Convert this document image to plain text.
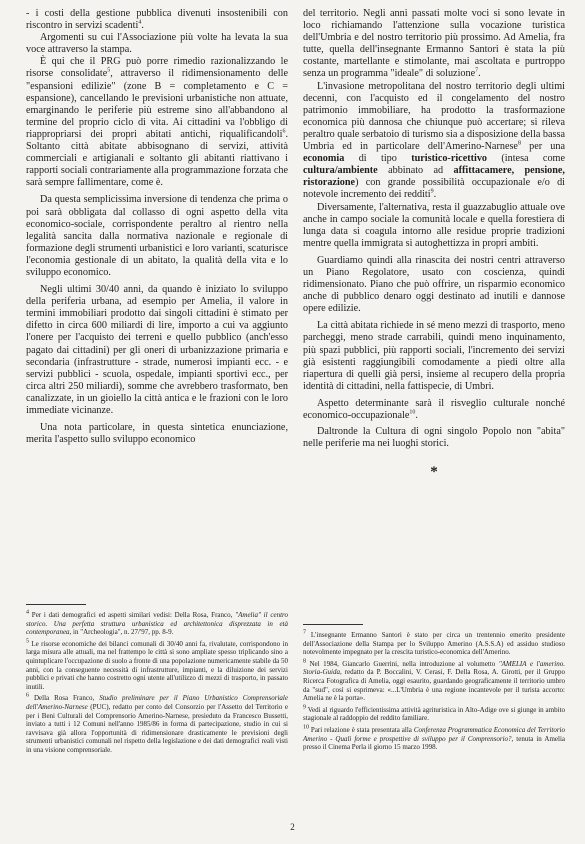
- i costi della gestione pubblica divenuti insostenibili con riscontro in servizi scadenti$^4$.

Argomenti su cui l'Associazione più volte ha levata la sua voce attraverso la stampa.

È qui che il PRG può porre rimedio razionalizzando le risorse consolidate$^5$, attraverso il ridimensionamento delle "espansioni edilizie" (zone B = completamento e C = espansione), cancellando le previsioni urbanistiche non attuate, emarginando le periferie più estreme sino all'abbandono al termine del proprio ciclo di vita. Ai cittadini va l'obbligo di riappropriarsi dei propri abitati antichi, riqualificandoli$^6$. Soltanto città abitate abbisognano di servizi, attività commerciali e artigianali e soltanto gli abitanti riattivano i rapporti sociali contrariamente alla programmazione forzata che sarà sempre fallimentare, come è.

Da questa semplicissima inversione di tendenza che prima o poi sarà obbligata dal collasso di ogni aspetto della vita economico-sociale, corrispondente peraltro al rientro nella legalità sancita dalla normativa nazionale e regionale di formazione degli strumenti urbanistici e loro varianti, scaturisce l'economia gestionale di un abitato, la qualità della vita e lo sviluppo economico.

Negli ultimi 30/40 anni, da quando è iniziato lo sviluppo della periferia urbana, ad esempio per Amelia, il valore in termini immobiliari prodotto dai singoli cittadini è stimato per difetto in circa 600 miliardi di lire, importo a cui va aggiunto l'onere per l'acquisto dei terreni e quello pubblico (anch'esso pagato dai cittadini) per gli oneri di urbanizzazione primaria e secondaria (infrastrutture - strade, numerosi impianti ecc. - e servizi pubblici - scuola, ospedale, impianti sportivi ecc., per circa altri 250 miliardi), somme che avrebbero trasformato, ben canalizzate, in un gioiello la città antica e le frazioni con le loro immediate vicinanze.

Una nota particolare, in questa sintetica enunciazione, merita l'aspetto sullo sviluppo economico

del territorio. Negli anni passati molte voci si sono levate in loco richiamando l'attenzione sulla vocazione turistica dell'Umbria e del nostro territorio più prossimo. Ad Amelia, fra tutte, quella dell'insegnante Ermanno Santori è stata la più costante, martellante e stimolante, mai ascoltata e purtroppo senza un programma "ideale" di soluzione$^7$.

L'invasione metropolitana del nostro territorio degli ultimi decenni, con l'acquisto ed il congelamento del nostro patrimonio immobiliare, ha prodotto la trasformazione economica più dannosa che chiunque può accertare; si rileva peraltro quale serbatoio di turismo sia a disposizione della bassa Umbria ed in particolare dell'Amerino-Narnese$^8$ per una economia di tipo turistico-ricettivo (intesa come cultura/ambiente abbinato ad affittacamere, pensione, ristorazione) con grande possibilità occupazionale e/o di notevole incremento dei redditi$^9$.

Diversamente, l'alternativa, resta il guazzabuglio attuale ove anche in campo sociale la comunità locale e quella forestiera di lunga data si coagula intorno alle residue proprie tradizioni mentre quella immigrata si autoghettizza in propri ambiti.

Guardiamo quindi alla rinascita dei nostri centri attraverso un Piano Regolatore, usato con coscienza, quindi ridimensionato. Piano che può offrire, un risparmio economico anche di pubblico denaro oggi destinato ad inutili e dannose opere edilizie.

La città abitata richiede in sé meno mezzi di trasporto, meno parcheggi, meno strade carrabili, quindi meno inquinamento, più spazi pubblici, più rapporti sociali, l'incremento dei servizi già esistenti raggiungibili comodamente a piedi oltre alla riapertura di quelli già persi, insieme al recupero della propria identità di cittadini, nella fattispecie, di Umbri.

Aspetto determinante sarà il risveglio culturale nonché economico-occupazionale$^{10}$.

Daltronde la Cultura di ogni singolo Popolo non "abita" nelle periferie ma nei luoghi storici.

*

4 Per i dati demografici ed aspetti similari vedisi: Della Rosa, Franco, "Amelia" il centro storico. Una perfetta struttura urbanistica ed architettonica disprezzata in età contemporanea, in "Archeologia", n. 27/'97, pp. 8-9.

5 Le risorse economiche dei bilanci comunali di 30/40 anni fa, rivalutate, corrispondono in larga misura alle attuali, ma nel frattempo le città si sono ampliate spesso triplicando sino a quintuplicare l'occupazione di suolo a fronte di una popolazione numericamente stabile da 50 anni, con la conseguente necessità di infrastrutture, impianti, e la diluizione dei servizi pubblici e privati che hanno costretto ogni utente all'utilizzo di mezzi di trasporto, in passato inutili.

6 Della Rosa Franco, Studio preliminare per il Piano Urbanistico Comprensoriale dell'Amerino-Narnese (PUC), redatto per conto del Consorzio per l'Assetto del Territorio e per i Beni Culturali del Comprensorio Amerino-Narnese, presieduto da Francesco Bussetti, inviato a tutti i 12 Comuni nell'anno 1985/86 in forma di partecipazione, studio in cui si ravvisava già allora l'opportunità di ridimensionare drasticamente le previsioni degli strumenti urbanistici comunali nel rispetto della legislazione e dei dati demografici reali visti in una visione comprensoriale.

7 L'insegnante Ermanno Santori è stato per circa un trentennio emerito presidente dell'Associazione della Stampa per lo Sviluppo Amerino (A.S.S.A) ed assiduo studioso notevolmente impegnato per la crescita turistico-economica dell'Amerino.

8 Nel 1984, Giancarlo Guerrini, nella introduzione al volumetto "AMELIA e l'amerino. Storia-Guida, redatto da P. Boccalini, V. Cerasi, F. Della Rosa, A. Girotti, per il Gruppo Ricerca Fotografica di Amelia, oggi esaurito, guardando geograficamente il territorio umbro da "sud", così si esprimeva: «...L'Umbria è una regione incantevole per il turista accorto: Amelia ne è la porta».

9 Vedi al riguardo l'efficientissima attività agrituristica in Alto-Adige ove si giunge in ambito stagionale al raddoppio del reddito familiare.

10 Pari relazione è stata presentata alla Conferenza Programmatica Economica del Territorio Amerino - Quali forme e prospettive di sviluppo per il Comprensorio?, tenuta in Amelia presso il Cinema Perla il giorno 15 marzo 1998.

2
